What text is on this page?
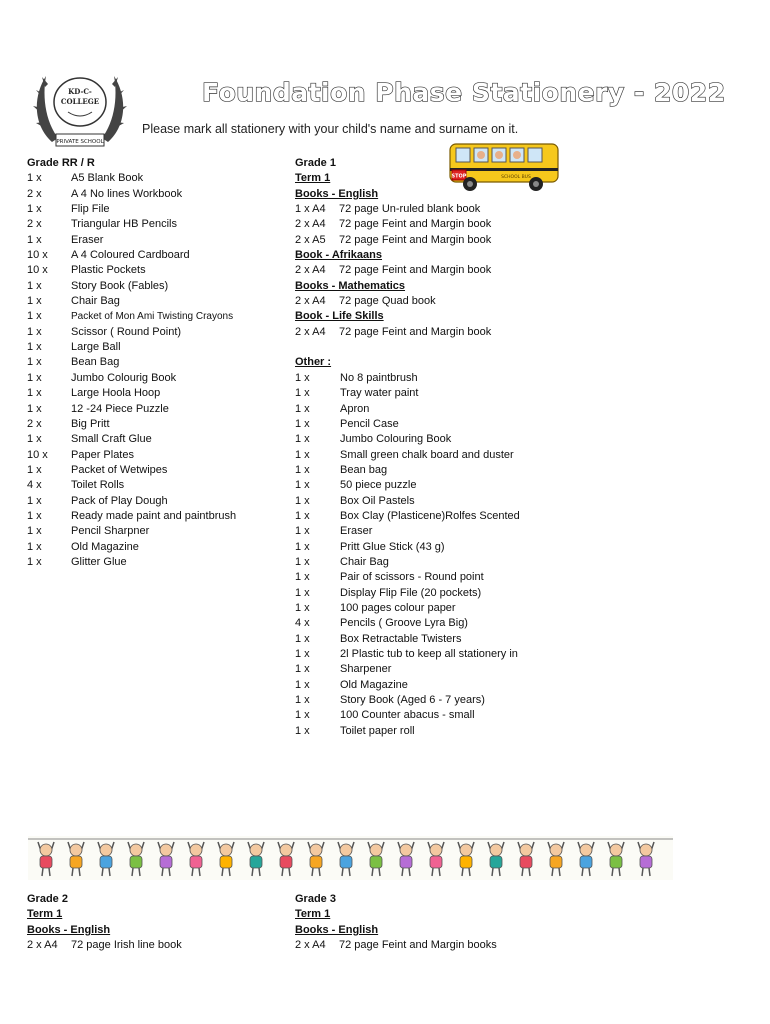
KD-C-
COLLEGE
PRIVATE SCHOOL
Foundation Phase Stationery - 2022
Please mark all stationery with your child's name and surname on it.
STOP	SCHOOL BUS
Grade RR / R
1 x	A5 Blank Book
2 x	A 4 No lines Workbook
1 x	Flip File
2 x	Triangular HB Pencils
1 x	Eraser
10 x A 4 Coloured Cardboard
10 x Plastic Pockets
1 x	Story Book (Fables)
1 x	Chair Bag
1 x	Packet of Mon Ami Twisting Crayons
1 x	Scissor ( Round Point)
1 x	Large Ball
1 x	Bean Bag
1 x	Jumbo Colourig Book
1 x	Large Hoola Hoop
1 x	12 -24 Piece Puzzle
2 x	Big Pritt
1 x	Small Craft Glue
10 x Paper Plates
1 x	Packet of Wetwipes
4 x	Toilet Rolls
1 x	Pack of Play Dough
1 x	Ready made paint and paintbrush
1 x	Pencil Sharpner
1 x	Old Magazine
1 x	Glitter Glue
Grade 1
Term 1
Books - English
1 x A4 72 page Un-ruled blank book
2 x A4 72 page Feint and Margin book
2 x A5 72 page Feint and Margin book
Book - Afrikaans
2 x A4 72 page Feint and Margin book
Books - Mathematics
2 x A4 72 page Quad book
Book - Life Skills
2 x A4 72 page Feint and Margin book
Other :
1 x	No 8 paintbrush
1 x	Tray water paint
1 x	Apron
1 x	Pencil Case
1 x	Jumbo Colouring Book
1 x	Small green chalk board and duster
1 x	Bean bag
1 x	50 piece puzzle
1 x	Box Oil Pastels
1 x	Box Clay (Plasticene)Rolfes Scented
1 x	Eraser
1 x	Pritt Glue Stick (43 g)
1 x	Chair Bag
1 x	Pair of scissors - Round point
1 x	Display Flip File (20 pockets)
1 x	100 pages colour paper
4 x	Pencils ( Groove Lyra Big)
1 x	Box Retractable Twisters
1 x	2l Plastic tub to keep all stationery in
1 x	Sharpener
1 x	Old Magazine
1 x	Story Book (Aged 6 - 7 years)
1 x	100 Counter abacus - small
1 x	Toilet paper roll
Grade 2
Term 1
Books - English
2 x A4 72 page Irish line book
Grade 3
Term 1
Books - English
2 x A4 72 page Feint and Margin books
